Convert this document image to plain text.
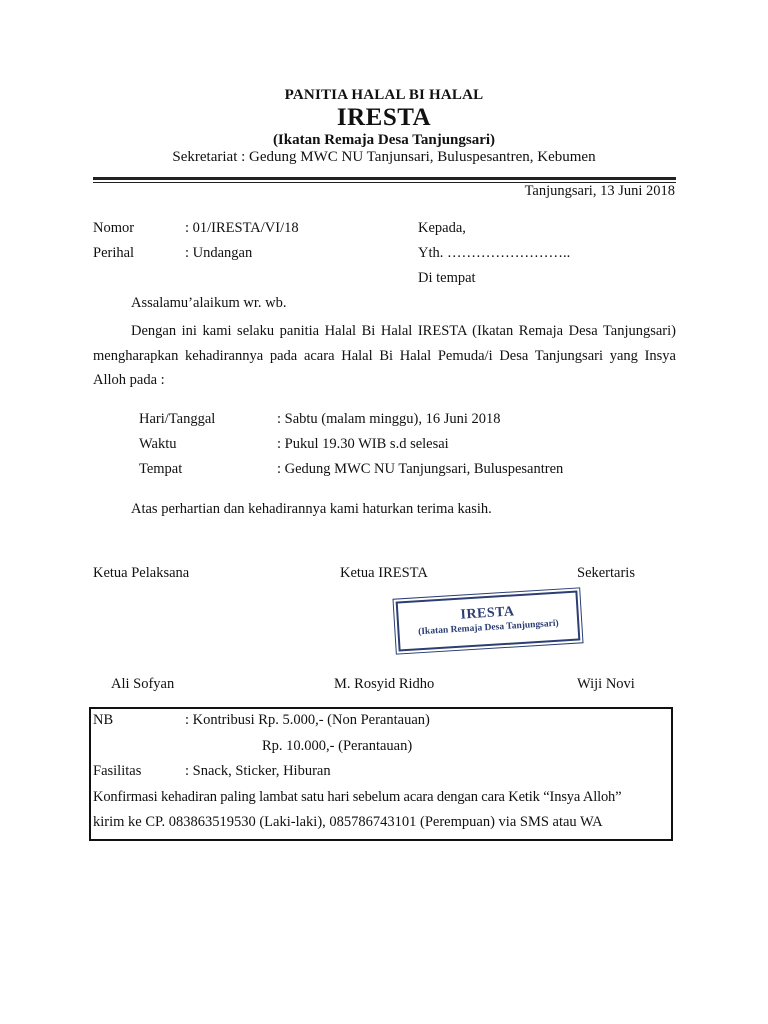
PANITIA HALAL BI HALAL
IRESTA
(Ikatan Remaja Desa Tanjungsari)
Sekretariat : Gedung MWC NU Tanjunsari, Buluspesantren, Kebumen
Tanjungsari, 13 Juni 2018
Nomor	: 01/IRESTA/VI/18
Perihal	: Undangan
Kepada,
Yth. ……………………..
Di tempat
Assalamu’alaikum wr. wb.
Dengan ini kami selaku panitia Halal Bi Halal IRESTA (Ikatan Remaja Desa Tanjungsari) mengharapkan kehadirannya pada acara Halal Bi Halal Pemuda/i Desa Tanjungsari yang Insya Alloh pada :
Hari/Tanggal	: Sabtu (malam minggu), 16 Juni 2018
Waktu	: Pukul 19.30 WIB s.d selesai
Tempat	: Gedung MWC NU Tanjungsari, Buluspesantren
Atas perhartian dan kehadirannya kami haturkan terima kasih.
Ketua Pelaksana	Ketua IRESTA	Sekertaris
IRESTA
(Ikatan Remaja Desa Tanjungsari)
Ali Sofyan	M. Rosyid Ridho	Wiji Novi
NB	: Kontribusi Rp. 5.000,- (Non Perantauan)
Rp. 10.000,- (Perantauan)
Fasilitas	: Snack, Sticker, Hiburan
Konfirmasi kehadiran paling lambat satu hari sebelum acara dengan cara Ketik “Insya Alloh”
kirim ke CP. 083863519530 (Laki-laki), 085786743101 (Perempuan) via SMS atau WA
